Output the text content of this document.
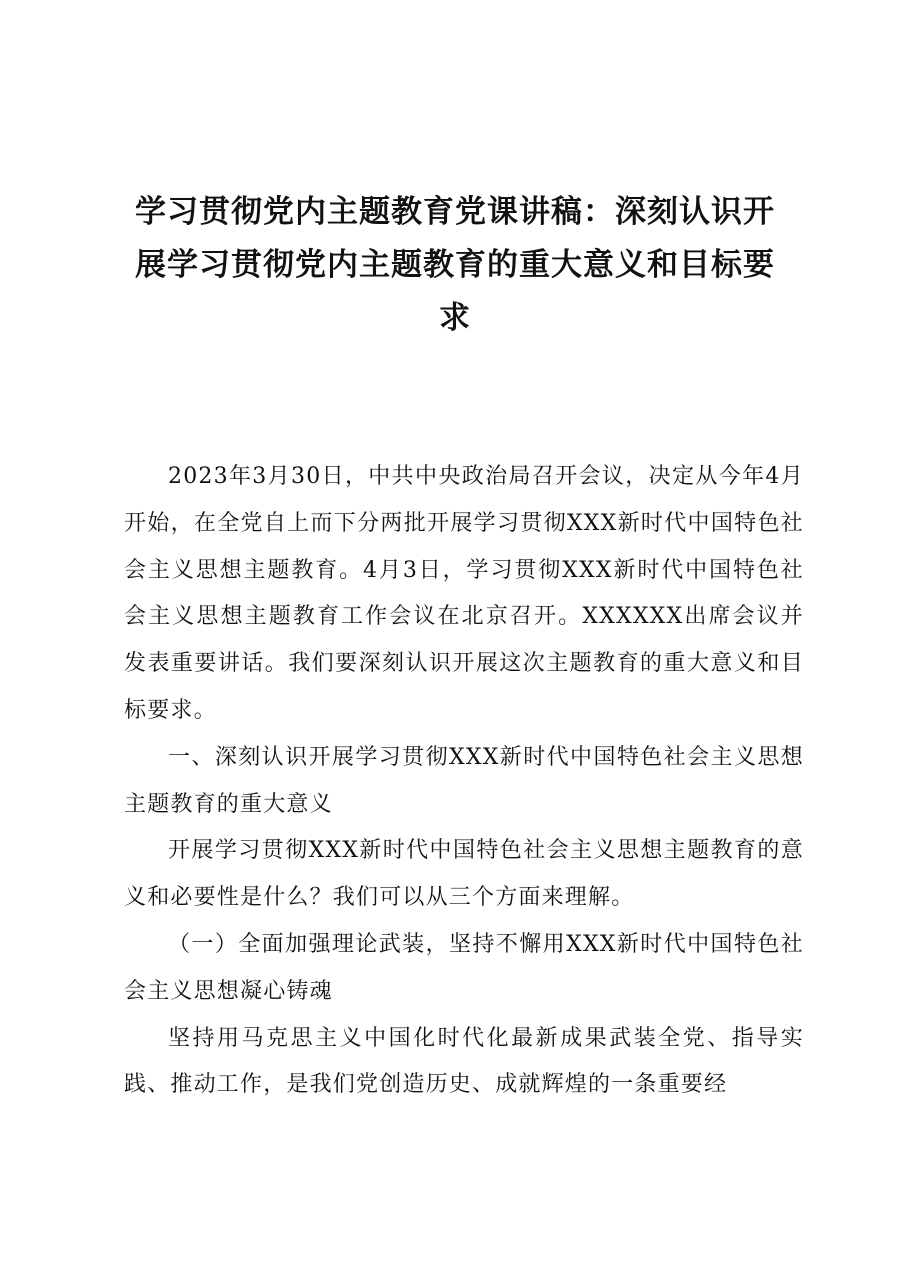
学习贯彻党内主题教育党课讲稿：深刻认识开
展学习贯彻党内主题教育的重大意义和目标要
求

2023年3月30日，中共中央政治局召开会议，决定从今年4月开始，在全党自上而下分两批开展学习贯彻XXX新时代中国特色社会主义思想主题教育。4月3日，学习贯彻XXX新时代中国特色社会主义思想主题教育工作会议在北京召开。XXXXXX出席会议并发表重要讲话。我们要深刻认识开展这次主题教育的重大意义和目标要求。

一、深刻认识开展学习贯彻XXX新时代中国特色社会主义思想主题教育的重大意义

开展学习贯彻XXX新时代中国特色社会主义思想主题教育的意义和必要性是什么？我们可以从三个方面来理解。

（一）全面加强理论武装，坚持不懈用XXX新时代中国特色社会主义思想凝心铸魂

坚持用马克思主义中国化时代化最新成果武装全党、指导实践、推动工作，是我们党创造历史、成就辉煌的一条重要经
